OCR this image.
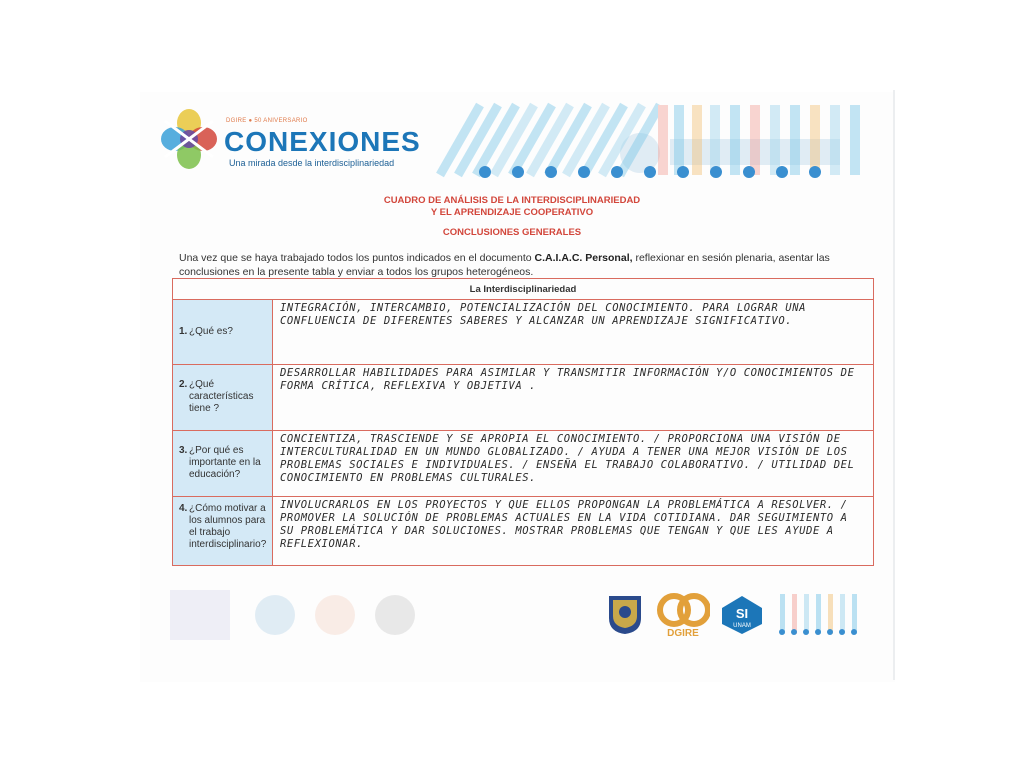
DGIRE ● 50 ANIVERSARIO
CONEXIONES
Una mirada desde la interdisciplinariedad
CUADRO DE ANÁLISIS DE LA INTERDISCIPLINARIEDAD
Y EL APRENDIZAJE COOPERATIVO
CONCLUSIONES GENERALES
Una vez que se haya trabajado todos los puntos indicados en el documento C.A.I.A.C. Personal, reflexionar en sesión plenaria, asentar las conclusiones en la presente tabla y enviar a todos los grupos heterogéneos.
La Interdisciplinariedad
1. ¿Qué es?
INTEGRACIÓN, INTERCAMBIO, POTENCIALIZACIÓN DEL CONOCIMIENTO. PARA LOGRAR UNA CONFLUENCIA DE DIFERENTES SABERES Y ALCANZAR UN APRENDIZAJE SIGNIFICATIVO.
2. ¿Qué características tiene ?
DESARROLLAR HABILIDADES PARA ASIMILAR Y TRANSMITIR INFORMACIÓN Y/O CONOCIMIENTOS DE FORMA CRÍTICA, REFLEXIVA Y OBJETIVA .
3. ¿Por qué es importante en la educación?
CONCIENTIZA, TRASCIENDE Y SE APROPIA EL CONOCIMIENTO. / PROPORCIONA UNA VISIÓN DE INTERCULTURALIDAD EN UN MUNDO GLOBALIZADO. / AYUDA A TENER UNA MEJOR VISIÓN DE LOS PROBLEMAS SOCIALES E INDIVIDUALES. / ENSEÑA EL TRABAJO COLABORATIVO. / UTILIDAD DEL CONOCIMIENTO EN PROBLEMAS CULTURALES.
4. ¿Cómo motivar a los alumnos para el trabajo interdisciplinario?
INVOLUCRARLOS EN LOS PROYECTOS Y QUE ELLOS PROPONGAN LA PROBLEMÁTICA A RESOLVER. / PROMOVER LA SOLUCIÓN DE PROBLEMAS ACTUALES EN LA VIDA COTIDIANA. DAR SEGUIMIENTO A SU PROBLEMÁTICA Y DAR SOLUCIONES. MOSTRAR PROBLEMAS QUE TENGAN Y QUE LES AYUDE A REFLEXIONAR.
DGIRE
SI
UNAM
